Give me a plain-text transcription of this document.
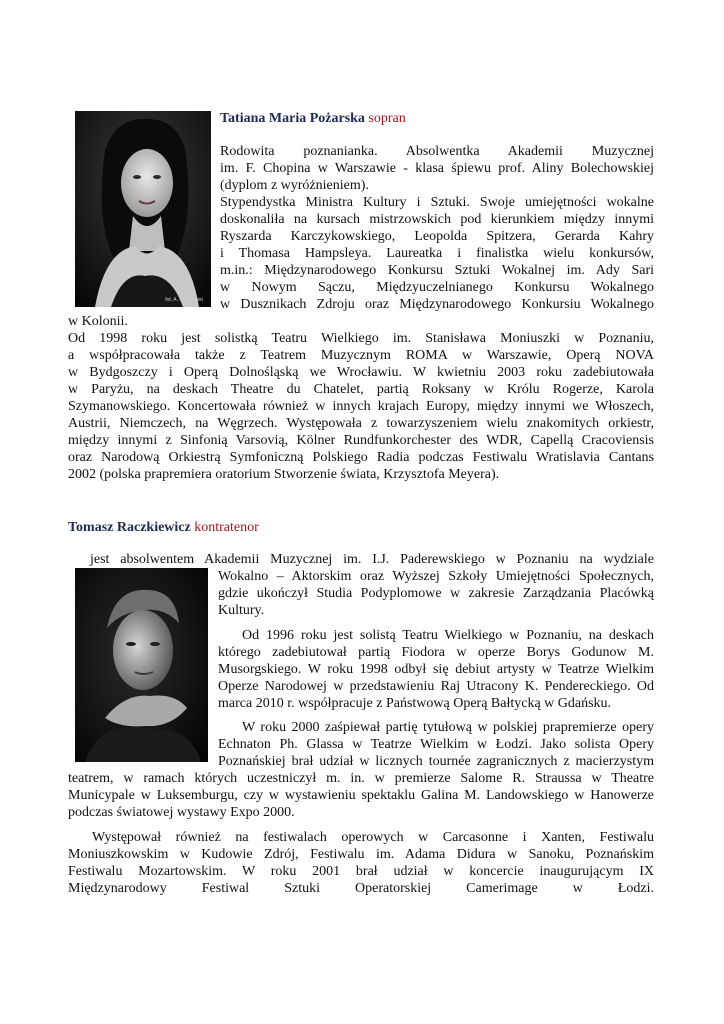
fot. A. Grodowski
Tatiana Maria Pożarska sopran
Rodowita poznanianka. Absolwentka Akademii Muzycznej
im. F. Chopina w Warszawie - klasa śpiewu prof. Aliny Bolechowskiej
(dyplom z wyróżnieniem).
Stypendystka Ministra Kultury i Sztuki. Swoje umiejętności wokalne
doskonaliła na kursach mistrzowskich pod kierunkiem między innymi
Ryszarda Karczykowskiego, Leopolda Spitzera, Gerarda Kahry
i Thomasa Hampsleya. Laureatka i finalistka wielu konkursów,
m.in.: Międzynarodowego Konkursu Sztuki Wokalnej im. Ady Sari
w Nowym Sączu, Międzyuczelnianego Konkursu Wokalnego
w Dusznikach Zdroju oraz Międzynarodowego Konkursiu Wokalnego
w Kolonii.
Od 1998 roku jest solistką Teatru Wielkiego im. Stanisława Moniuszki w Poznaniu,
a współpracowała także z Teatrem Muzycznym ROMA w Warszawie, Operą NOVA
w Bydgoszczy i Operą Dolnośląską we Wrocławiu. W kwietniu 2003 roku zadebiutowała
w Paryżu, na deskach Theatre du Chatelet, partią Roksany w Królu Rogerze, Karola
Szymanowskiego. Koncertowała również w innych krajach Europy, między innymi we Włoszech,
Austrii, Niemczech, na Węgrzech. Występowała z towarzyszeniem wielu znakomitych orkiestr,
między innymi z Sinfonią Varsovią, Kölner Rundfunkorchester des WDR, Capellą Cracoviensis
oraz Narodową Orkiestrą Symfoniczną Polskiego Radia podczas Festiwalu Wratislavia Cantans
2002 (polska prapremiera oratorium Stworzenie świata, Krzysztofa Meyera).
Tomasz Raczkiewicz kontratenor
jest absolwentem Akademii Muzycznej im. I.J. Paderewskiego w Poznaniu na wydziale
Wokalno – Aktorskim oraz Wyższej Szkoły Umiejętności Społecznych,
gdzie ukończył Studia Podyplomowe w zakresie Zarządzania Placówką
Kultury.
Od 1996 roku jest solistą Teatru Wielkiego w Poznaniu, na deskach
którego zadebiutował partią Fiodora w operze Borys Godunow M.
Musorgskiego. W roku 1998 odbył się debiut artysty w Teatrze Wielkim
Operze Narodowej w przedstawieniu Raj Utracony K. Pendereckiego. Od
marca 2010 r. współpracuje z Państwową Operą Bałtycką w Gdańsku.
W roku 2000 zaśpiewał partię tytułową w polskiej prapremierze opery
Echnaton Ph. Glassa w Teatrze Wielkim w Łodzi. Jako solista Opery
Poznańskiej brał udział w licznych tournée zagranicznych z macierzystym
teatrem, w ramach których uczestniczył m. in. w premierze Salome R. Straussa w Theatre
Municypale w Luksemburgu, czy w wystawieniu spektaklu Galina M. Landowskiego w Hanowerze
podczas światowej wystawy Expo 2000.
Występował również na festiwalach operowych w Carcasonne i Xanten, Festiwalu
Moniuszkowskim w Kudowie Zdrój, Festiwalu im. Adama Didura w Sanoku, Poznańskim
Festiwalu Mozartowskim. W roku 2001 brał udział w koncercie inaugurującym IX
Międzynarodowy Festiwal Sztuki Operatorskiej Camerimage w Łodzi.
